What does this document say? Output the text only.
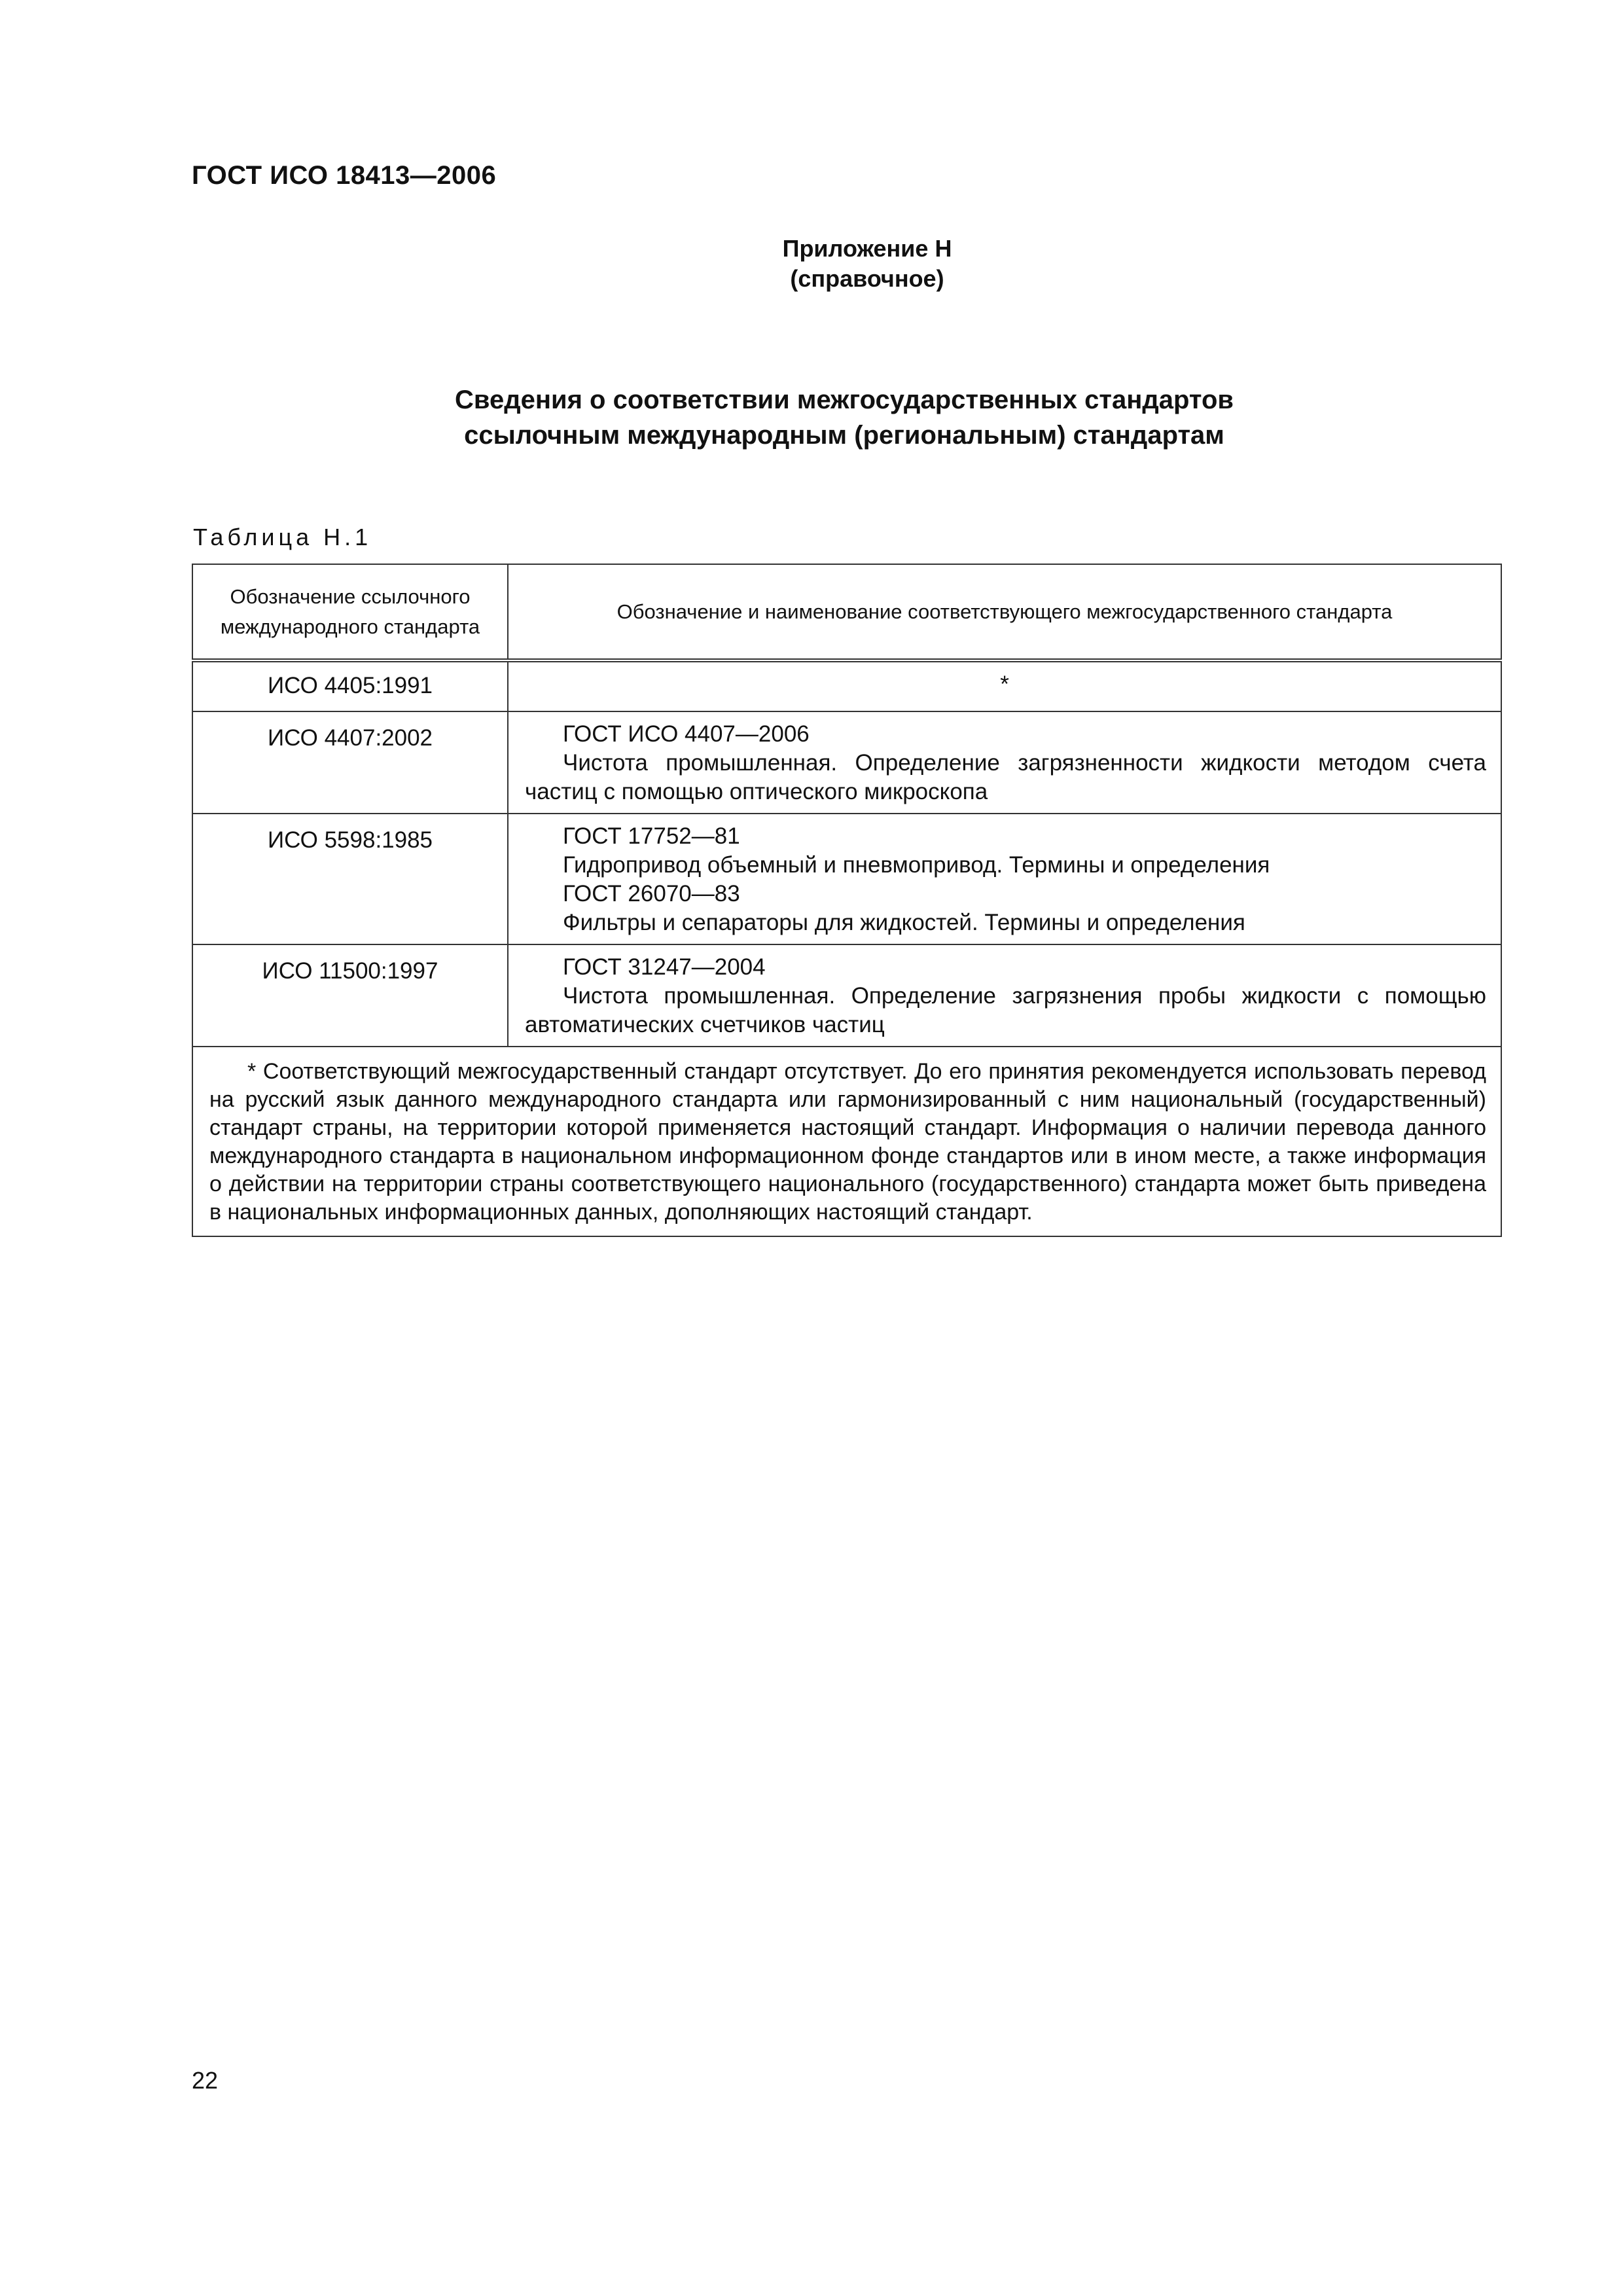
ГОСТ ИСО 18413—2006
Приложение Н
(справочное)
Сведения о соответствии межгосударственных стандартов
ссылочным международным (региональным) стандартам
Таблица Н.1
Обозначение ссылочного международного стандарта	Обозначение и наименование соответствующего межгосударственного стандарта
ИСО 4405:1991	*
ИСО 4407:2002	ГОСТ ИСО 4407—2006
Чистота промышленная. Определение загрязненности жидкости методом счета частиц с помощью оптического микроскопа

ИСО 5598:1985	ГОСТ 17752—81
Гидропривод объемный и пневмопривод. Термины и определения
ГОСТ 26070—83
Фильтры и сепараторы для жидкостей. Термины и определения

ИСО 11500:1997	ГОСТ 31247—2004
Чистота промышленная. Определение загрязнения пробы жидкости с помощью автоматических счетчиков частиц

* Соответствующий межгосударственный стандарт отсутствует. До его принятия рекомендуется использовать перевод на русский язык данного международного стандарта или гармонизированный с ним национальный (государственный) стандарт страны, на территории которой применяется настоящий стандарт. Информация о наличии перевода данного международного стандарта в национальном информационном фонде стандартов или в ином месте, а также информация о действии на территории страны соответствующего национального (государственного) стандарта может быть приведена в национальных информационных данных, дополняющих настоящий стандарт.	
22
